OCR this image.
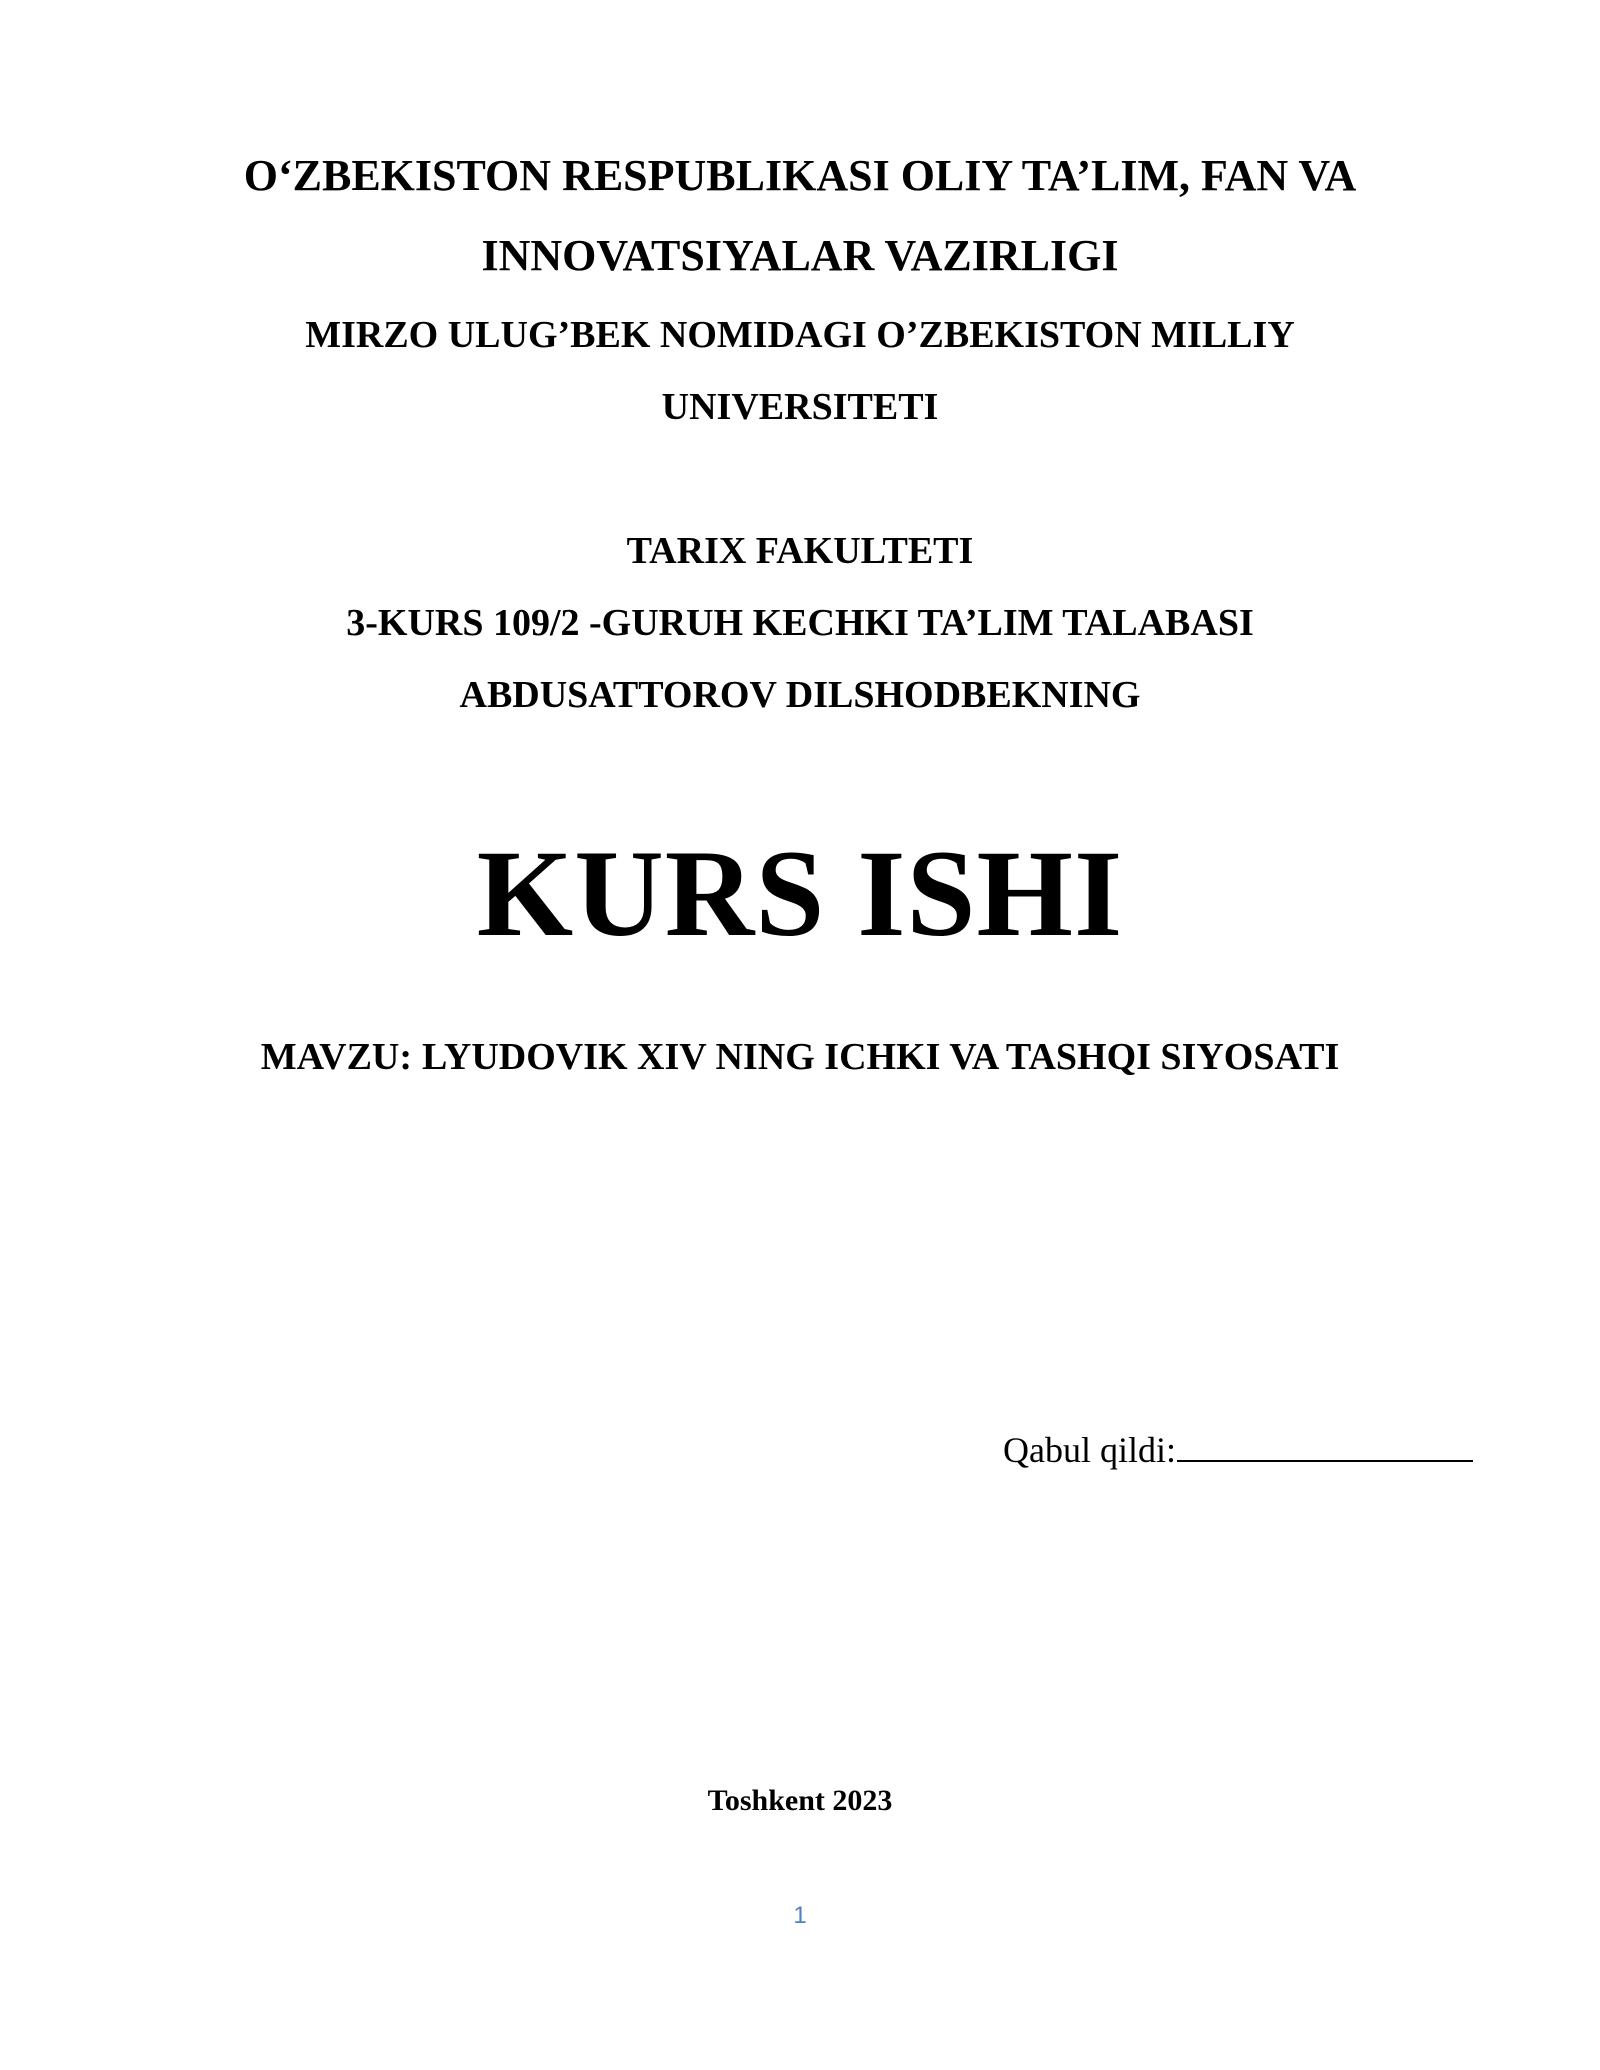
O‘ZBEKISTON RESPUBLIKASI OLIY TA’LIM, FAN VA

INNOVATSIYALAR VAZIRLIGI

MIRZO ULUG’BEK NOMIDAGI O’ZBEKISTON MILLIY

UNIVERSITETI

TARIX FAKULTETI

3-KURS 109/2 -GURUH KECHKI TA’LIM TALABASI

ABDUSATTOROV DILSHODBEKNING

KURS ISHI

MAVZU: LYUDOVIK XIV NING ICHKI VA TASHQI SIYOSATI

Qabul qildi:

Toshkent 2023

1
